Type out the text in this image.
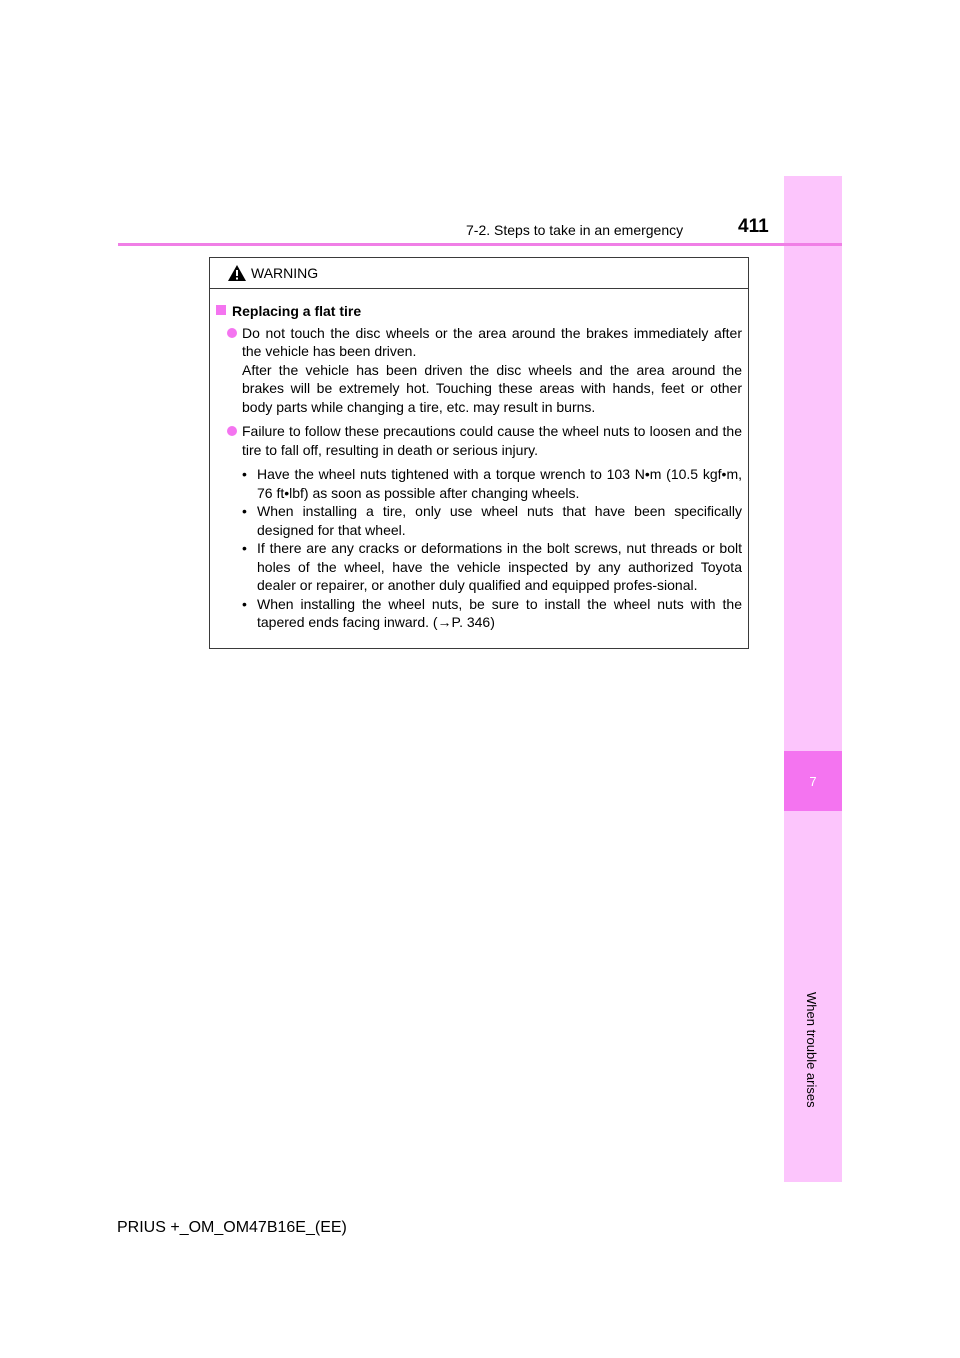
7
When trouble arises
7-2. Steps to take in an emergency	411
WARNING
Replacing a flat tire
Do not touch the disc wheels or the area around the brakes immediately after the vehicle has been driven.
After the vehicle has been driven the disc wheels and the area around the brakes will be extremely hot. Touching these areas with hands, feet or other body parts while changing a tire, etc. may result in burns.
Failure to follow these precautions could cause the wheel nuts to loosen and the tire to fall off, resulting in death or serious injury.
• Have the wheel nuts tightened with a torque wrench to 103 N•m (10.5 kgf•m, 76 ft•lbf) as soon as possible after changing wheels.
• When installing a tire, only use wheel nuts that have been specifically designed for that wheel.
• If there are any cracks or deformations in the bolt screws, nut threads or bolt holes of the wheel, have the vehicle inspected by any authorized Toyota dealer or repairer, or another duly qualified and equipped profes-sional.
• When installing the wheel nuts, be sure to install the wheel nuts with the tapered ends facing inward. (→P. 346)
PRIUS +_OM_OM47B16E_(EE)
